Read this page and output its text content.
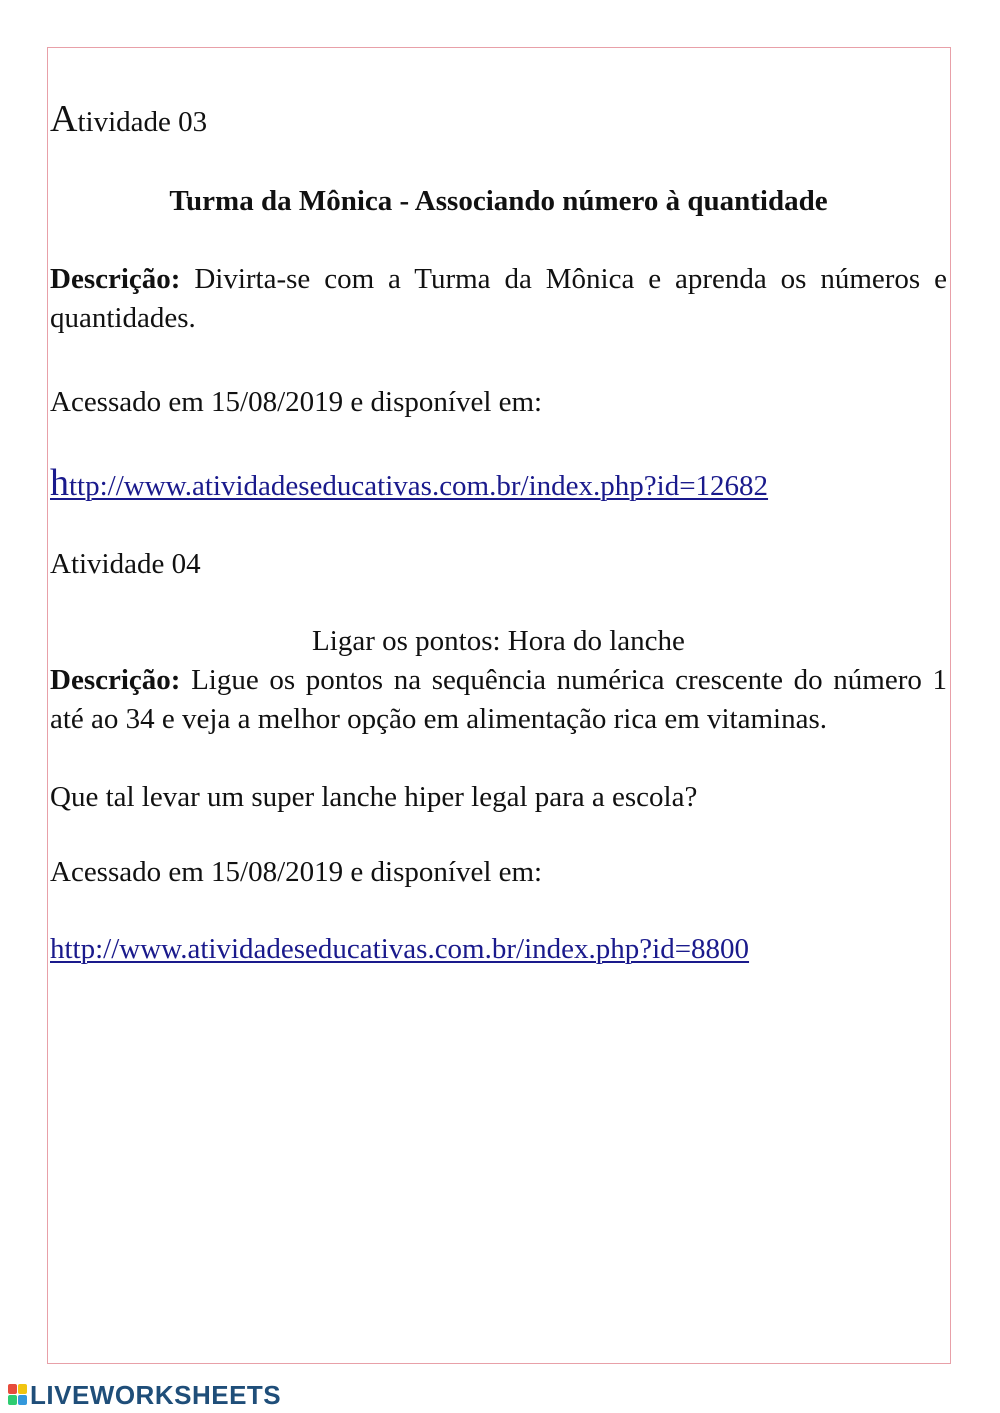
Atividade 03
Turma da Mônica - Associando número à quantidade
Descrição: Divirta-se com a Turma da Mônica e aprenda os números e quantidades.
Acessado em 15/08/2019 e disponível em:
http://www.atividadeseducativas.com.br/index.php?id=12682
Atividade 04
Ligar os pontos: Hora do lanche
Descrição: Ligue os pontos na sequência numérica crescente do número 1 até ao 34 e veja a melhor opção em alimentação rica em vitaminas.
Que tal levar um super lanche hiper legal para a escola?
Acessado em 15/08/2019 e disponível em:
http://www.atividadeseducativas.com.br/index.php?id=8800
LIVEWORKSHEETS
